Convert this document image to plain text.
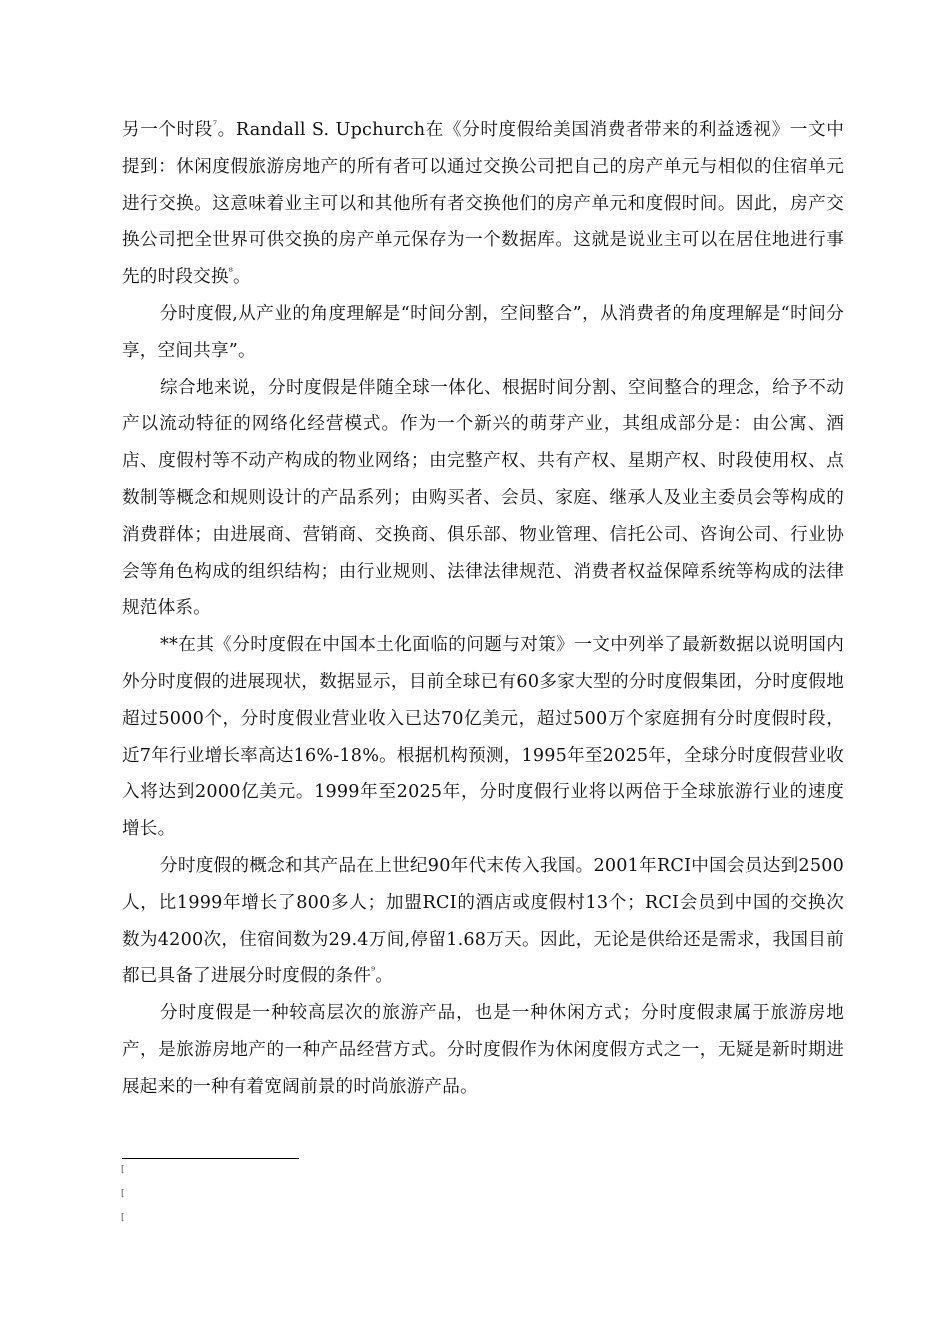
另一个时段$^{^7}$。Randall S. Upchurch在《分时度假给美国消费者带来的利益透视》一文中提到：休闲度假旅游房地产的所有者可以通过交换公司把自己的房产单元与相似的住宿单元进行交换。这意味着业主可以和其他所有者交换他们的房产单元和度假时间。因此，房产交换公司把全世界可供交换的房产单元保存为一个数据库。这就是说业主可以在居住地进行事先的时段交换$^{^8}$。

分时度假,从产业的角度理解是“时间分割，空间整合”，从消费者的角度理解是“时间分享，空间共享”。

综合地来说，分时度假是伴随全球一体化、根据时间分割、空间整合的理念，给予不动产以流动特征的网络化经营模式。作为一个新兴的萌芽产业，其组成部分是：由公寓、酒店、度假村等不动产构成的物业网络；由完整产权、共有产权、星期产权、时段使用权、点数制等概念和规则设计的产品系列；由购买者、会员、家庭、继承人及业主委员会等构成的消费群体；由进展商、营销商、交换商、俱乐部、物业管理、信托公司、咨询公司、行业协会等角色构成的组织结构；由行业规则、法律法律规范、消费者权益保障系统等构成的法律规范体系。

**在其《分时度假在中国本土化面临的问题与对策》一文中列举了最新数据以说明国内外分时度假的进展现状，数据显示，目前全球已有60多家大型的分时度假集团，分时度假地超过5000个，分时度假业营业收入已达70亿美元，超过500万个家庭拥有分时度假时段，近7年行业增长率高达16%-18%。根据机构预测，1995年至2025年，全球分时度假营业收入将达到2000亿美元。1999年至2025年，分时度假行业将以两倍于全球旅游行业的速度增长。

分时度假的概念和其产品在上世纪90年代末传入我国。2001年RCI中国会员达到2500人，比1999年增长了800多人；加盟RCI的酒店或度假村13个；RCI会员到中国的交换次数为4200次，住宿间数为29.4万间,停留1.68万天。因此，无论是供给还是需求，我国目前都已具备了进展分时度假的条件$^{^9}$。

分时度假是一种较高层次的旅游产品，也是一种休闲方式；分时度假隶属于旅游房地产，是旅游房地产的一种产品经营方式。分时度假作为休闲度假方式之一，无疑是新时期进展起来的一种有着宽阔前景的时尚旅游产品。

[
[
[
